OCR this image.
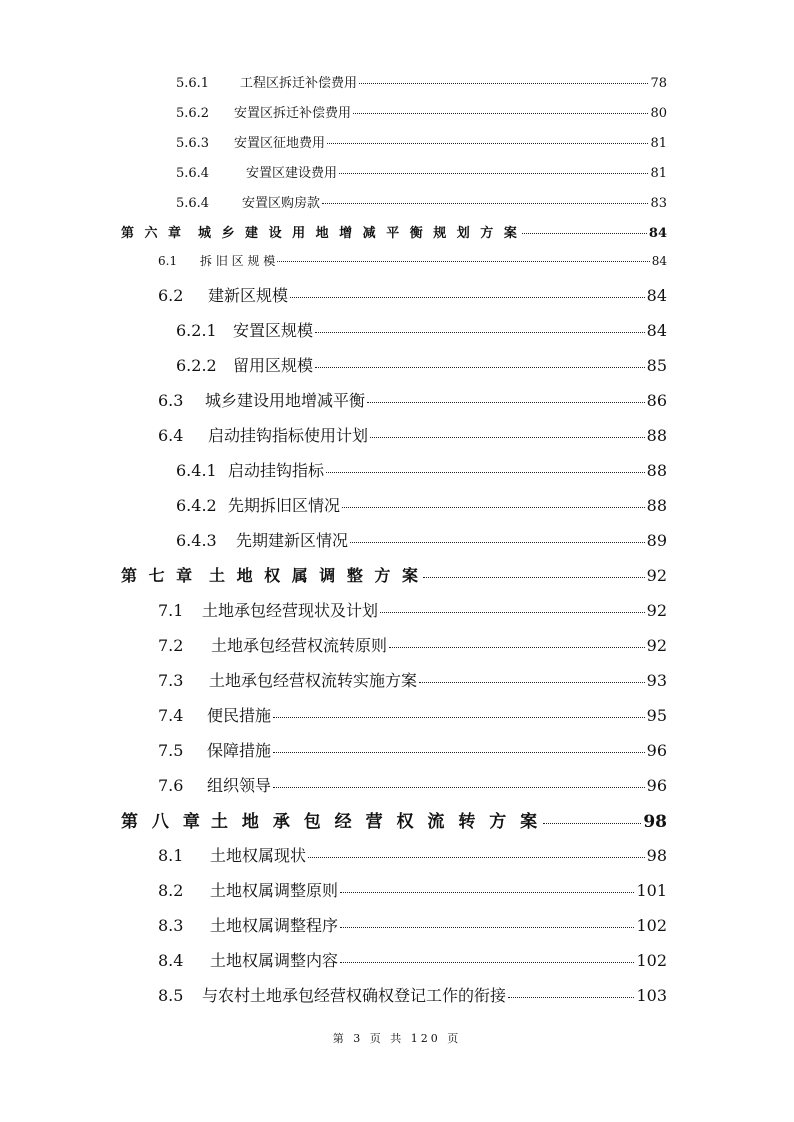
5.6.1	工程区拆迁补偿费用	78
5.6.2	安置区拆迁补偿费用	80
5.6.3	安置区征地费用	81
5.6.4	安置区建设费用	81
5.6.4	安置区购房款	83
第 六 章	城 乡 建 设 用 地 增 减 平 衡 规 划 方 案	84
6.1	拆 旧 区 规 模	84
6.2	建新区规模	84
6.2.1	安置区规模	84
6.2.2	留用区规模	85
6.3	城乡建设用地增减平衡	86
6.4	启动挂钩指标使用计划	88
6.4.1 启动挂钩指标	88
6.4.2 先期拆旧区情况	88
6.4.3	先期建新区情况	89
第 七 章 土 地 权 属 调 整 方 案	92
7.1	土地承包经营现状及计划	92
7.2	土地承包经营权流转原则	92
7.3	土地承包经营权流转实施方案	93
7.4	便民措施	95
7.5	保障措施	96
7.6	组织领导	96
第 八 章 土 地 承 包 经 营 权 流 转 方 案	98
8.1	土地权属现状	98
8.2	土地权属调整原则	101
8.3	土地权属调整程序	102
8.4	土地权属调整内容	102
8.5	与农村土地承包经营权确权登记工作的衔接	103
第 3 页 共 120 页
